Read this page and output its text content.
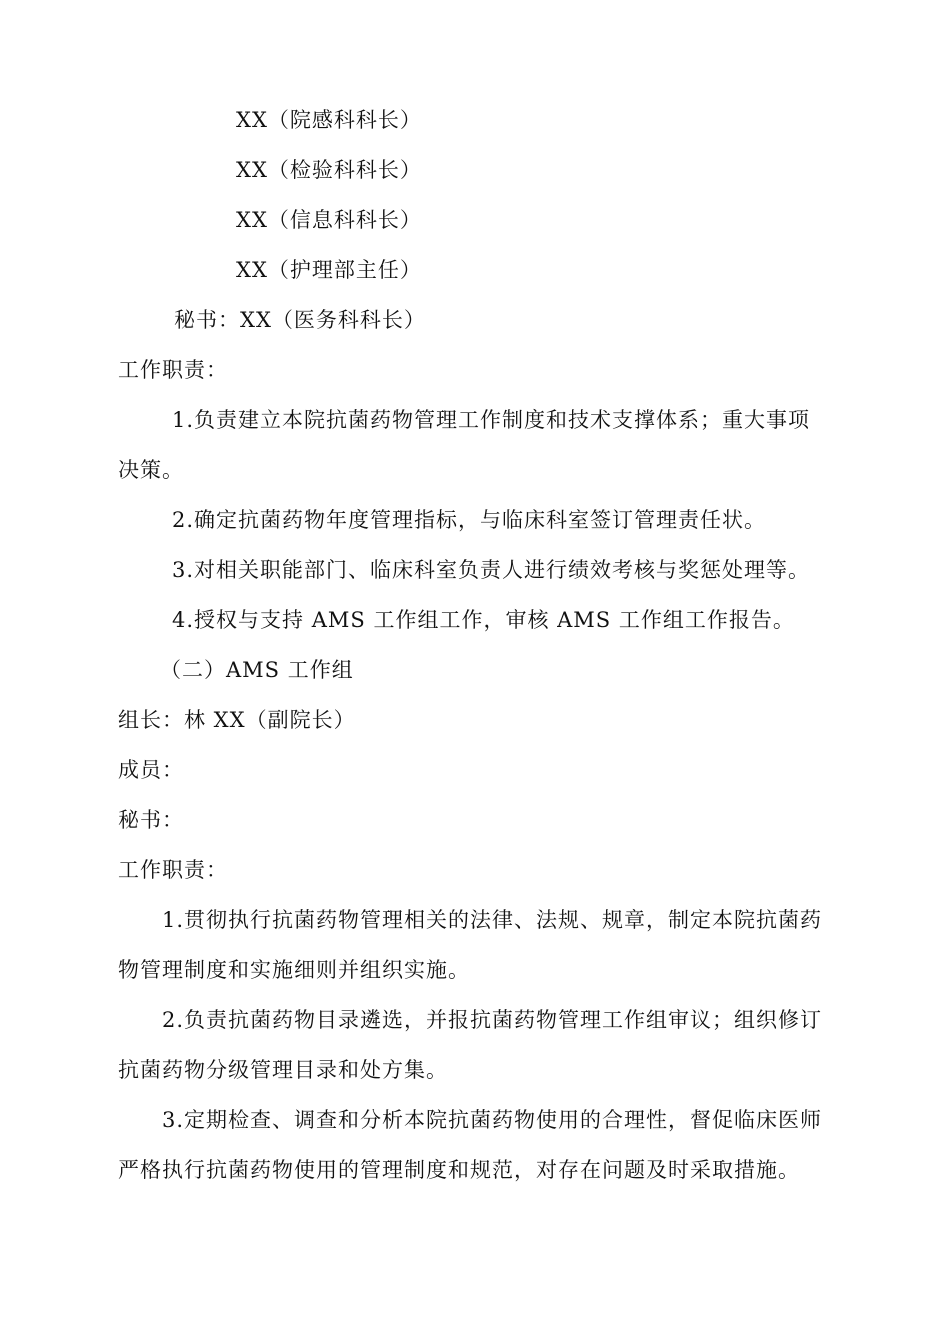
XX（院感科科长）
XX（检验科科长）
XX（信息科科长）
XX（护理部主任）
秘书：XX（医务科科长）
工作职责：
1.负责建立本院抗菌药物管理工作制度和技术支撑体系；重大事项
决策。
2.确定抗菌药物年度管理指标，与临床科室签订管理责任状。
3.对相关职能部门、临床科室负责人进行绩效考核与奖惩处理等。
4.授权与支持 AMS 工作组工作，审核 AMS 工作组工作报告。
（二）AMS 工作组
组长：林 XX（副院长）
成员：
秘书：
工作职责：
1.贯彻执行抗菌药物管理相关的法律、法规、规章，制定本院抗菌药
物管理制度和实施细则并组织实施。
2.负责抗菌药物目录遴选，并报抗菌药物管理工作组审议；组织修订
抗菌药物分级管理目录和处方集。
3.定期检查、调查和分析本院抗菌药物使用的合理性，督促临床医师
严格执行抗菌药物使用的管理制度和规范，对存在问题及时采取措施。
